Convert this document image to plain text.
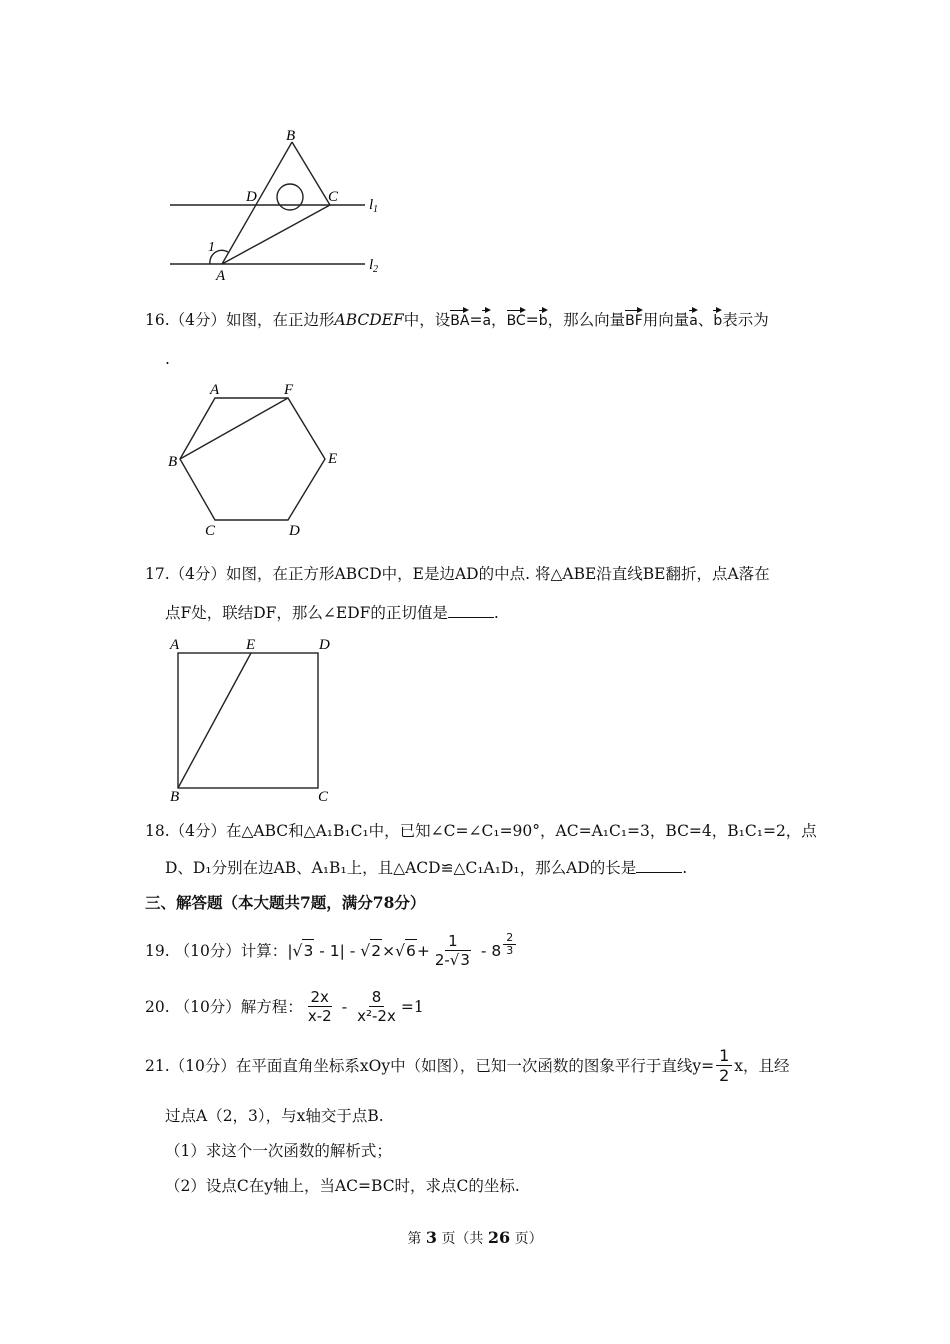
B
D	C l 1
1
A
l 2
16.（4分）如图，在正边形ABCDEF中，设BA=a，BC=b，那么向量BF用向量a、b表示为
.
A	F
B	E
C	D
17.（4分）如图，在正方形ABCD中，E是边AD的中点. 将△ABE沿直线BE翻折，点A落在
点F处，联结DF，那么∠EDF的正切值是	.
A	E	D
B	C
18.（4分）在△ABC和△A₁B₁C₁中，已知∠C=∠C₁=90°，AC=A₁C₁=3，BC=4，B₁C₁=2，点
D、D₁分别在边AB、A₁B₁上，且△ACD≌△C₁A₁D₁，那么AD的长是	.
三、解答题（本大题共7题，满分78分）
19. （10分）计算： | √ 3 - 1| - √ 2 × √ $6 + \frac{1}{2-√3} - 8 \frac{2}{3}$
20. （10分）解方程： $\frac{2x}{x-2} - \frac{8}{\text{x²-2x}} =1$
21.（10分）在平面直角坐标系xOy中（如图），已知一次函数的图象平行于直线$y= \frac{1}{2}$ x，且经
过点A（2，3），与x轴交于点B.
（1）求这个一次函数的解析式；
（2）设点C在y轴上，当AC=BC时，求点C的坐标.
第 3 页（共 26 页）
